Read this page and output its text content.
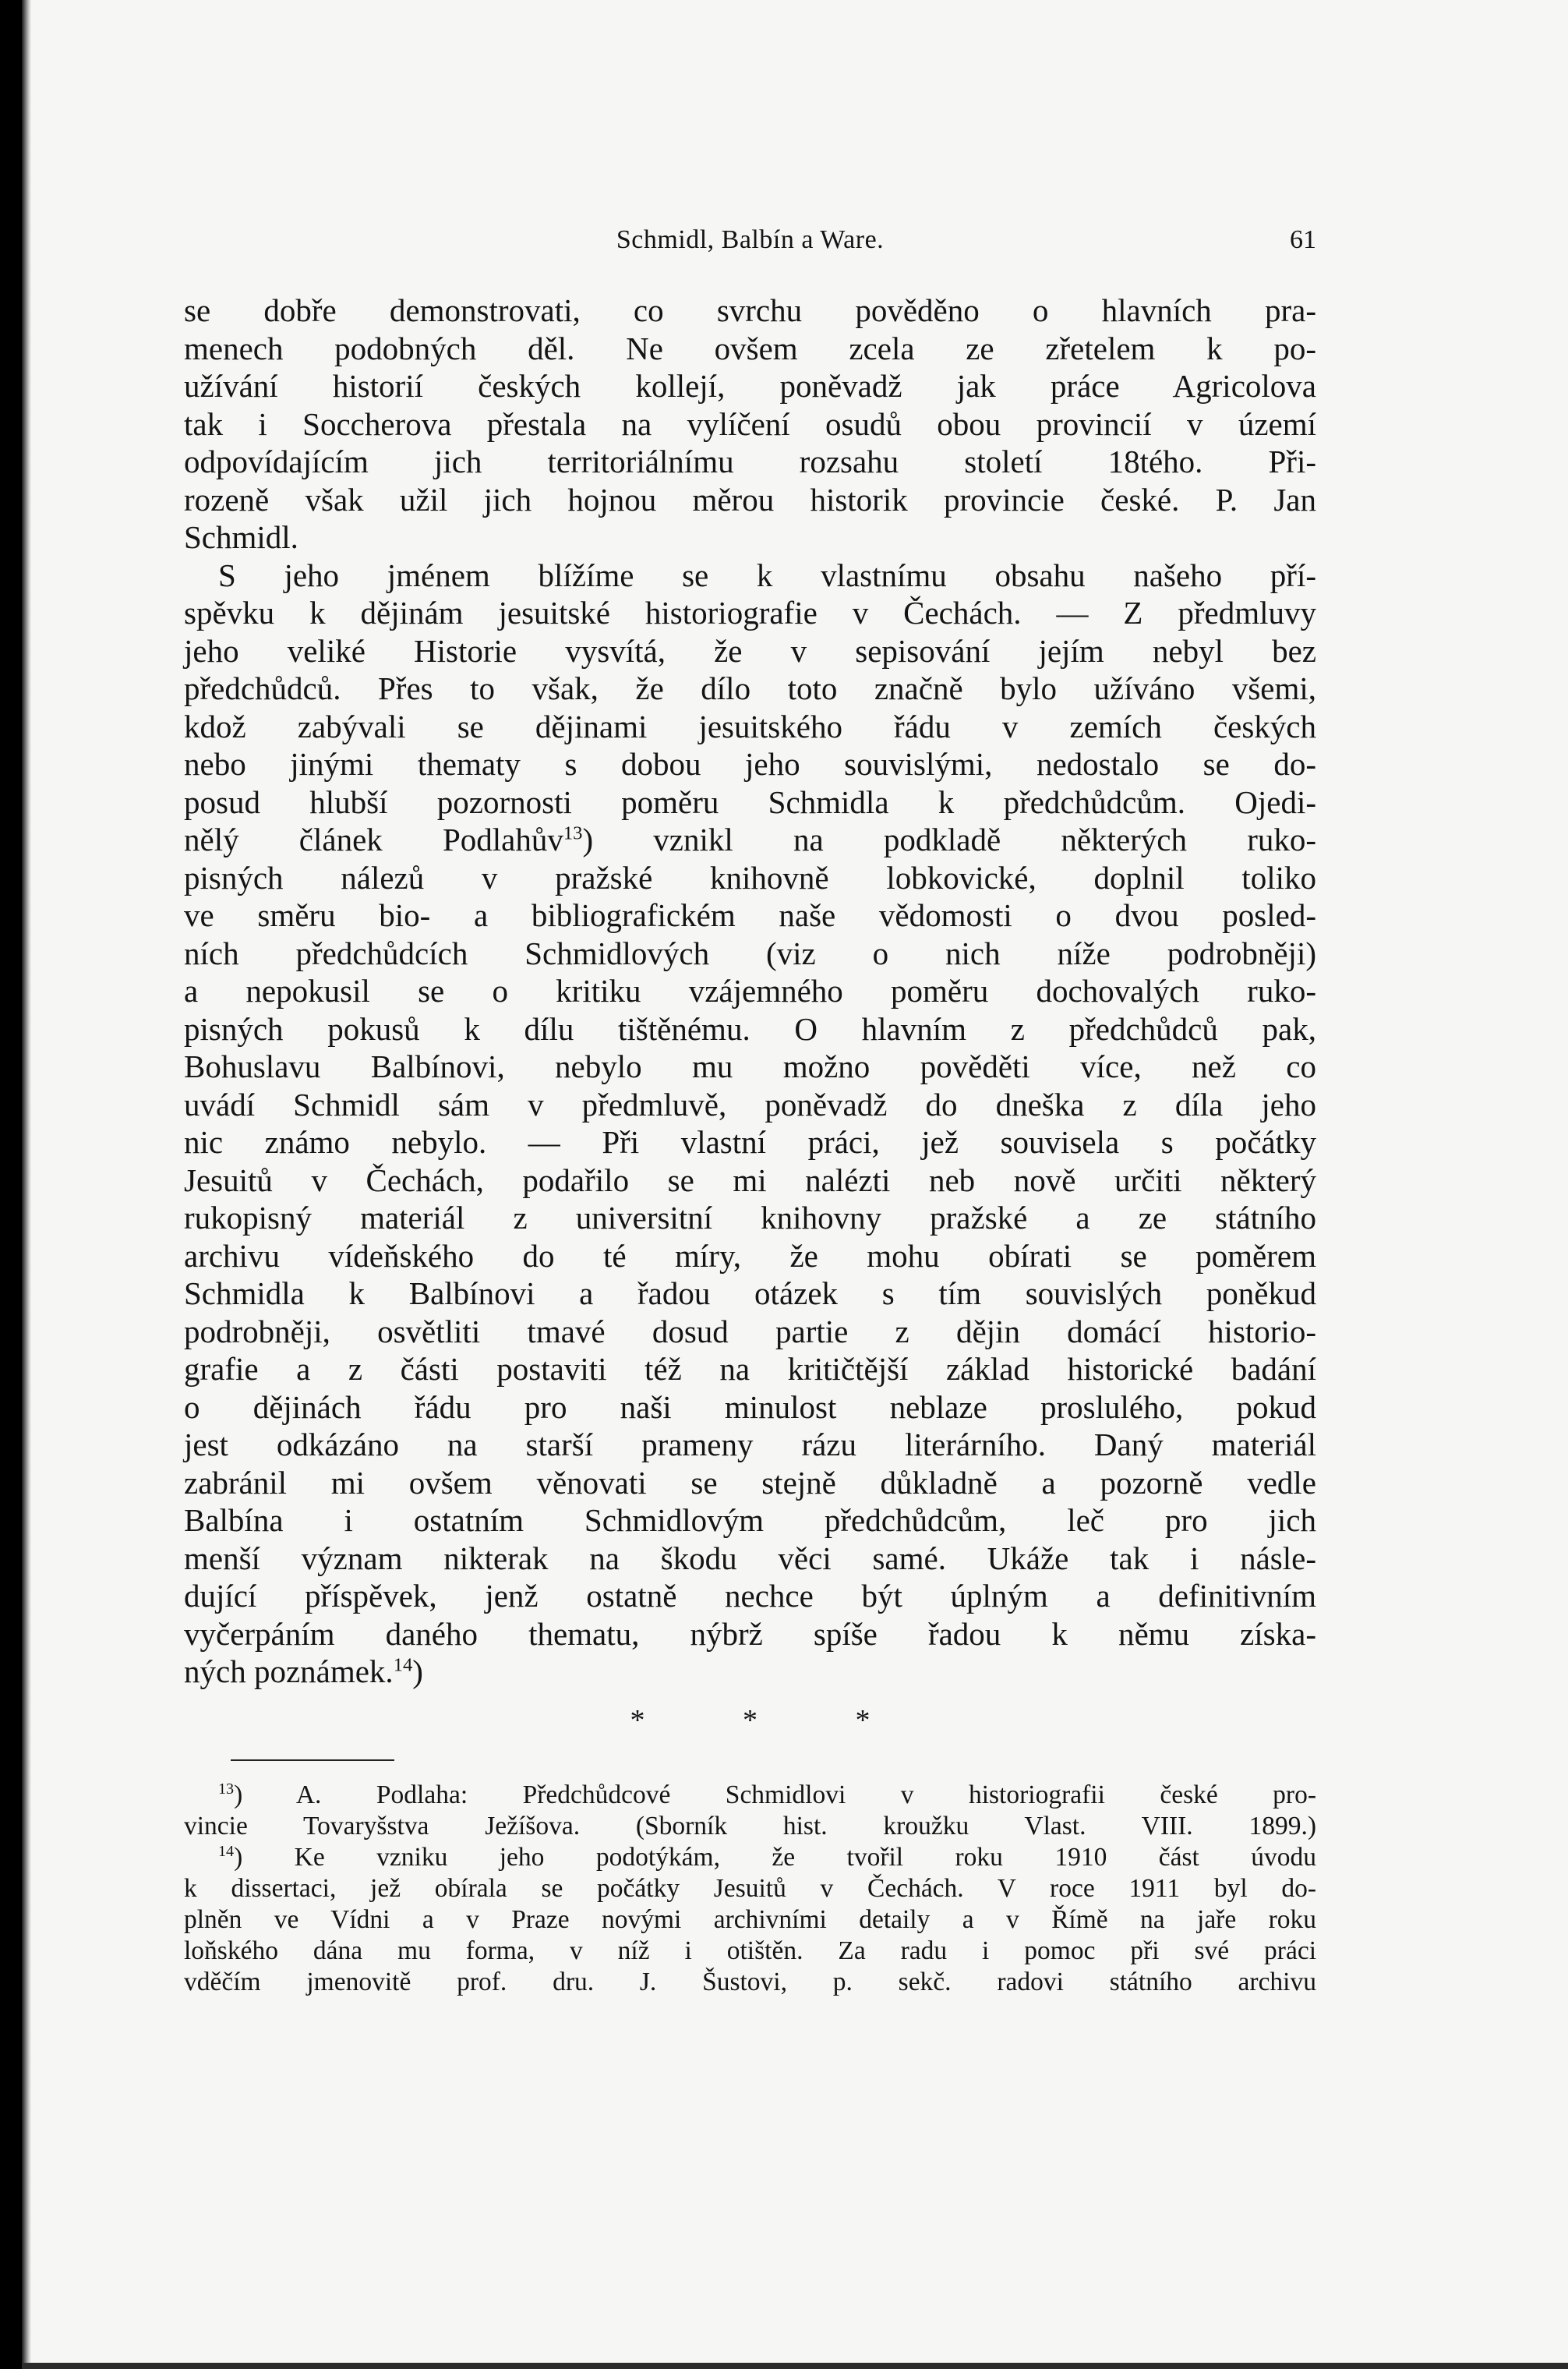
Schmidl, Balbín a Ware.	61
se dobře demonstrovati, co svrchu pověděno o hlavních pra-
menech podobných děl. Ne ovšem zcela ze zřetelem k po-
užívání historií českých kollejí, poněvadž jak práce Agricolova
tak i Soccherova přestala na vylíčení osudů obou provincií v území
odpovídajícím jich territoriálnímu rozsahu století 18tého. Při-
rozeně však užil jich hojnou měrou historik provincie české. P. Jan
Schmidl.
S jeho jménem blížíme se k vlastnímu obsahu našeho pří-
spěvku k dějinám jesuitské historiografie v Čechách. — Z předmluvy
jeho veliké Historie vysvítá, že v sepisování jejím nebyl bez
předchůdců. Přes to však, že dílo toto značně bylo užíváno všemi,
kdož zabývali se dějinami jesuitského řádu v zemích českých
nebo jinými thematy s dobou jeho souvislými, nedostalo se do-
posud hlubší pozornosti poměru Schmidla k předchůdcům. Ojedi-
nělý článek Podlahův$^{13}$) vznikl na podkladě některých ruko-
pisných nálezů v pražské knihovně lobkovické, doplnil toliko
ve směru bio- a bibliografickém naše vědomosti o dvou posled-
ních předchůdcích Schmidlových (viz o nich níže podrobněji)
a nepokusil se o kritiku vzájemného poměru dochovalých ruko-
pisných pokusů k dílu tištěnému. O hlavním z předchůdců pak,
Bohuslavu Balbínovi, nebylo mu možno pověděti více, než co
uvádí Schmidl sám v předmluvě, poněvadž do dneška z díla jeho
nic známo nebylo. — Při vlastní práci, jež souvisela s počátky
Jesuitů v Čechách, podařilo se mi nalézti neb nově určiti některý
rukopisný materiál z universitní knihovny pražské a ze státního
archivu vídeňského do té míry, že mohu obírati se poměrem
Schmidla k Balbínovi a řadou otázek s tím souvislých poněkud
podrobněji, osvětliti tmavé dosud partie z dějin domácí historio-
grafie a z části postaviti též na kritičtější základ historické badání
o dějinách řádu pro naši minulost neblaze proslulého, pokud
jest odkázáno na starší prameny rázu literárního. Daný materiál
zabránil mi ovšem věnovati se stejně důkladně a pozorně vedle
Balbína i ostatním Schmidlovým předchůdcům, leč pro jich
menší význam nikterak na škodu věci samé. Ukáže tak i násle-
dující příspěvek, jenž ostatně nechce být úplným a definitivním
vyčerpáním daného thematu, nýbrž spíše řadou k němu získa-
ných poznámek.$^{14}$)
* * *
$^{13}$) A. Podlaha: Předchůdcové Schmidlovi v historiografii české pro-
vincie Tovaryšstva Ježíšova. (Sborník hist. kroužku Vlast. VIII. 1899.)
$^{14}$) Ke vzniku jeho podotýkám, že tvořil roku 1910 část úvodu
k dissertaci, jež obírala se počátky Jesuitů v Čechách. V roce 1911 byl do-
plněn ve Vídni a v Praze novými archivními detaily a v Římě na jaře roku
loňského dána mu forma, v níž i otištěn. Za radu i pomoc při své práci
vděčím jmenovitě prof. dru. J. Šustovi, p. sekč. radovi státního archivu
